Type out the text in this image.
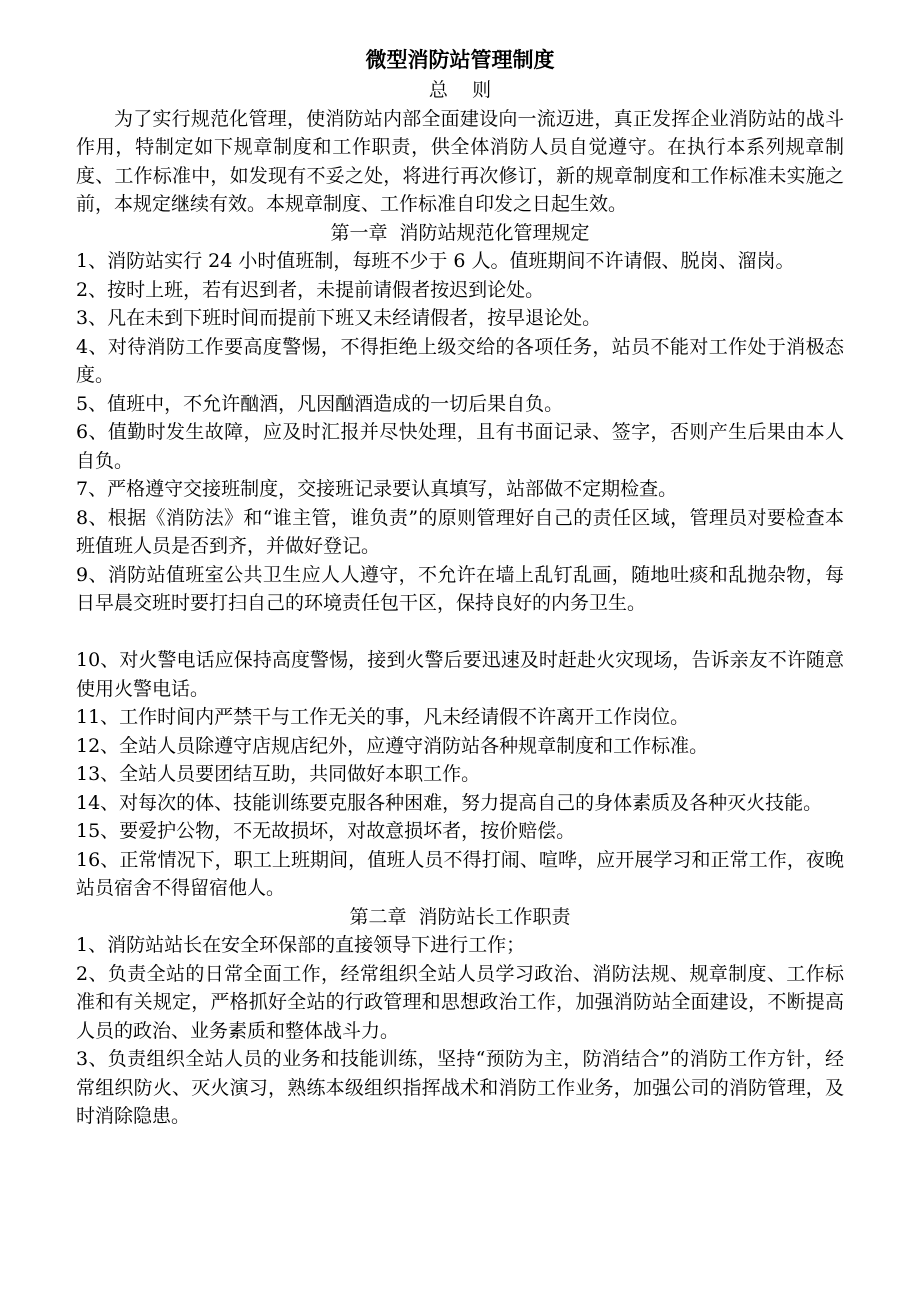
微型消防站管理制度

总    则

为了实行规范化管理，使消防站内部全面建设向一流迈进，真正发挥企业消防站的战斗作用，特制定如下规章制度和工作职责，供全体消防人员自觉遵守。在执行本系列规章制度、工作标准中，如发现有不妥之处，将进行再次修订，新的规章制度和工作标准未实施之前，本规定继续有效。本规章制度、工作标准自印发之日起生效。

第一章  消防站规范化管理规定

1、消防站实行 24 小时值班制，每班不少于 6 人。值班期间不许请假、脱岗、溜岗。

2、按时上班，若有迟到者，未提前请假者按迟到论处。

3、凡在未到下班时间而提前下班又未经请假者，按早退论处。

4、对待消防工作要高度警惕，不得拒绝上级交给的各项任务，站员不能对工作处于消极态度。

5、值班中，不允许酗酒，凡因酗酒造成的一切后果自负。

6、值勤时发生故障，应及时汇报并尽快处理，且有书面记录、签字，否则产生后果由本人自负。

7、严格遵守交接班制度，交接班记录要认真填写，站部做不定期检查。

8、根据《消防法》和“谁主管，谁负责”的原则管理好自己的责任区域，管理员对要检查本班值班人员是否到齐，并做好登记。

9、消防站值班室公共卫生应人人遵守，不允许在墙上乱钉乱画，随地吐痰和乱抛杂物，每日早晨交班时要打扫自己的环境责任包干区，保持良好的内务卫生。

10、对火警电话应保持高度警惕，接到火警后要迅速及时赶赴火灾现场，告诉亲友不许随意使用火警电话。

11、工作时间内严禁干与工作无关的事，凡未经请假不许离开工作岗位。

12、全站人员除遵守店规店纪外，应遵守消防站各种规章制度和工作标准。

13、全站人员要团结互助，共同做好本职工作。

14、对每次的体、技能训练要克服各种困难，努力提高自己的身体素质及各种灭火技能。

15、要爱护公物，不无故损坏，对故意损坏者，按价赔偿。

16、正常情况下，职工上班期间，值班人员不得打闹、喧哗，应开展学习和正常工作，夜晚站员宿舍不得留宿他人。

第二章  消防站长工作职责

1、消防站站长在安全环保部的直接领导下进行工作；

2、负责全站的日常全面工作，经常组织全站人员学习政治、消防法规、规章制度、工作标准和有关规定，严格抓好全站的行政管理和思想政治工作，加强消防站全面建设，不断提高人员的政治、业务素质和整体战斗力。

3、负责组织全站人员的业务和技能训练，坚持“预防为主，防消结合”的消防工作方针，经常组织防火、灭火演习，熟练本级组织指挥战术和消防工作业务，加强公司的消防管理，及时消除隐患。
